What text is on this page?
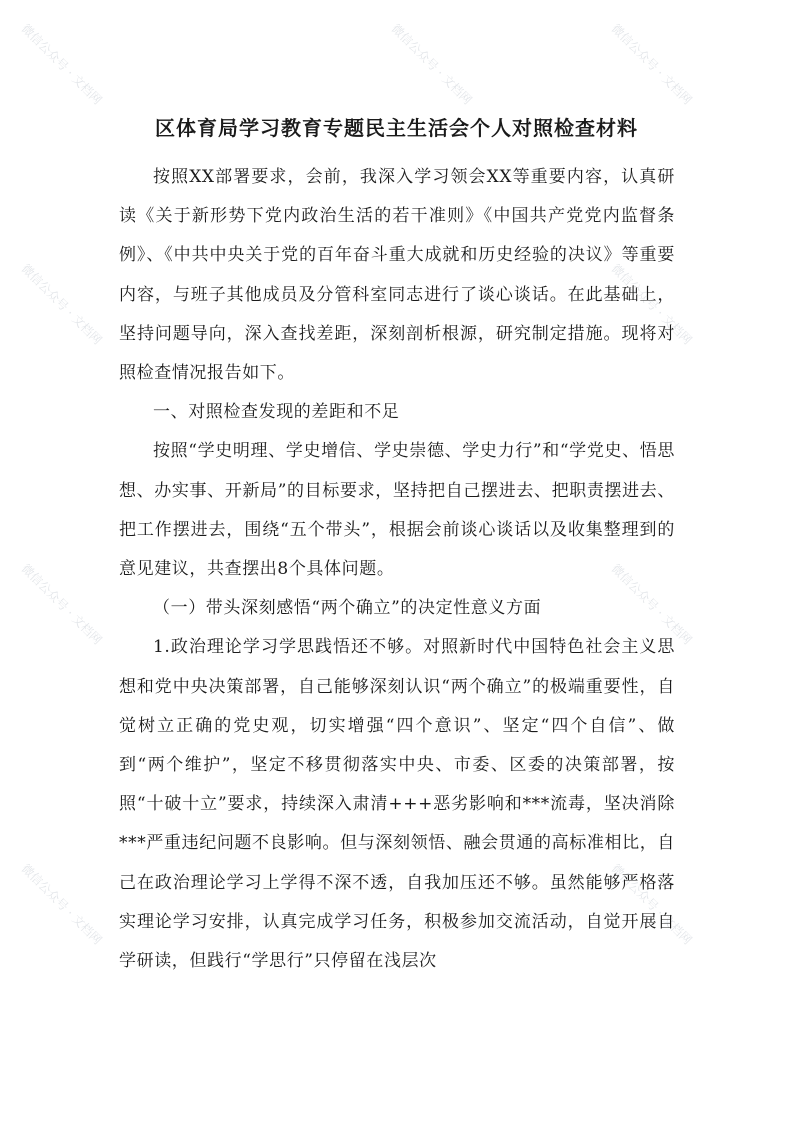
微信公众号 · 文档网	微信公众号 · 文档网	微信公众号 · 文档网
微信公众号 · 文档网	微信公众号 · 文档网
微信公众号 · 文档网	微信公众号 · 文档网
微信公众号 · 文档网	微信公众号 · 文档网
区体育局学习教育专题民主生活会个人对照检查材料

按照XX部署要求，会前，我深入学习领会XX等重要内容，认真研读《关于新形势下党内政治生活的若干准则》《中国共产党党内监督条例》、《中共中央关于党的百年奋斗重大成就和历史经验的决议》等重要内容，与班子其他成员及分管科室同志进行了谈心谈话。在此基础上，坚持问题导向，深入查找差距，深刻剖析根源，研究制定措施。现将对照检查情况报告如下。

一、对照检查发现的差距和不足

按照“学史明理、学史增信、学史崇德、学史力行”和“学党史、悟思想、办实事、开新局”的目标要求，坚持把自己摆进去、把职责摆进去、把工作摆进去，围绕“五个带头”，根据会前谈心谈话以及收集整理到的意见建议，共查摆出8个具体问题。

（一）带头深刻感悟“两个确立”的决定性意义方面

1.政治理论学习学思践悟还不够。对照新时代中国特色社会主义思想和党中央决策部署，自己能够深刻认识“两个确立”的极端重要性，自觉树立正确的党史观，切实增强“四个意识”、坚定“四个自信”、做到“两个维护”，坚定不移贯彻落实中央、市委、区委的决策部署，按照“十破十立”要求，持续深入肃清+++恶劣影响和***流毒，坚决消除***严重违纪问题不良影响。但与深刻领悟、融会贯通的高标准相比，自己在政治理论学习上学得不深不透，自我加压还不够。虽然能够严格落实理论学习安排，认真完成学习任务，积极参加交流活动，自觉开展自学研读，但践行“学思行”只停留在浅层次
